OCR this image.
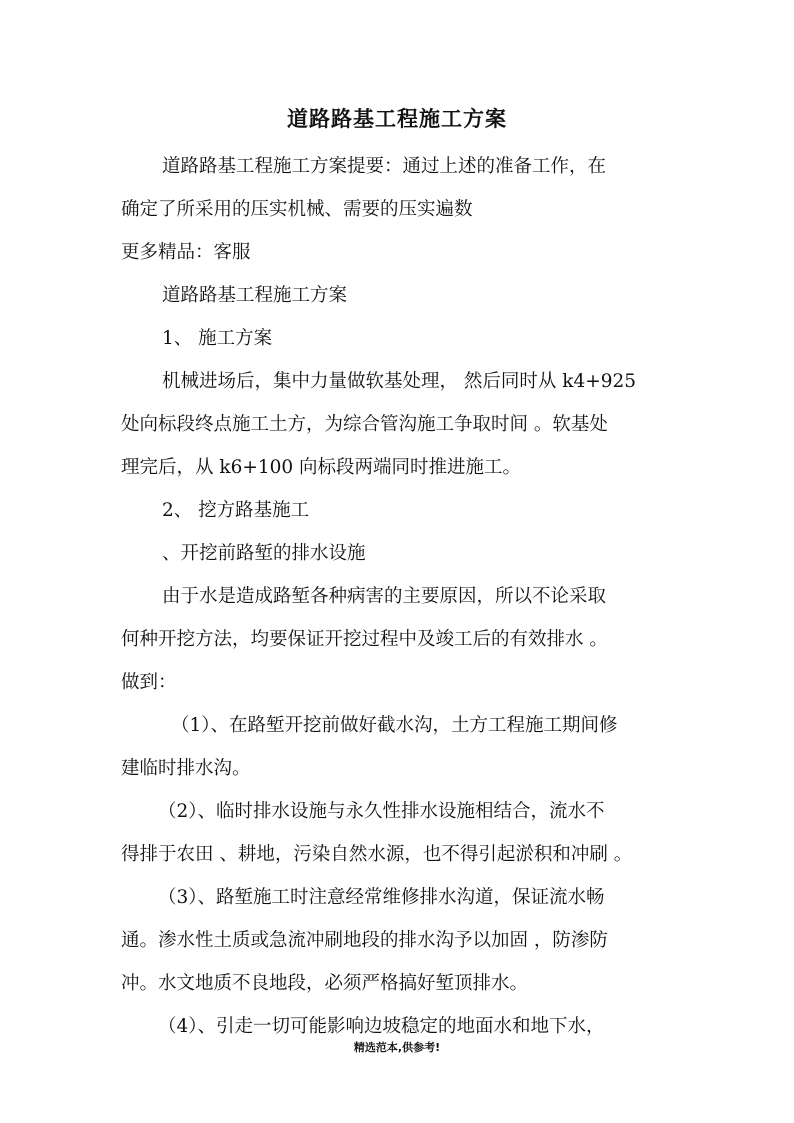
道路路基工程施工方案

道路路基工程施工方案提要：通过上述的准备工作，在

确定了所采用的压实机械、需要的压实遍数

更多精品：客服

道路路基工程施工方案

1、 施工方案

机械进场后，集中力量做软基处理， 然后同时从 k4+925

处向标段终点施工土方，为综合管沟施工争取时间 。软基处

理完后，从 k6+100 向标段两端同时推进施工。

2、 挖方路基施工

、开挖前路堑的排水设施

由于水是造成路堑各种病害的主要原因，所以不论采取

何种开挖方法，均要保证开挖过程中及竣工后的有效排水 。

做到：

（1）、在路堑开挖前做好截水沟，土方工程施工期间修

建临时排水沟。

（2）、临时排水设施与永久性排水设施相结合，流水不

得排于农田 、耕地，污染自然水源，也不得引起淤积和冲刷 。

（3）、路堑施工时注意经常维修排水沟道，保证流水畅

通。渗水性土质或急流冲刷地段的排水沟予以加固 ，防渗防

冲。水文地质不良地段，必须严格搞好堑顶排水。

（4）、引走一切可能影响边坡稳定的地面水和地下水，

精选范本,供参考!
